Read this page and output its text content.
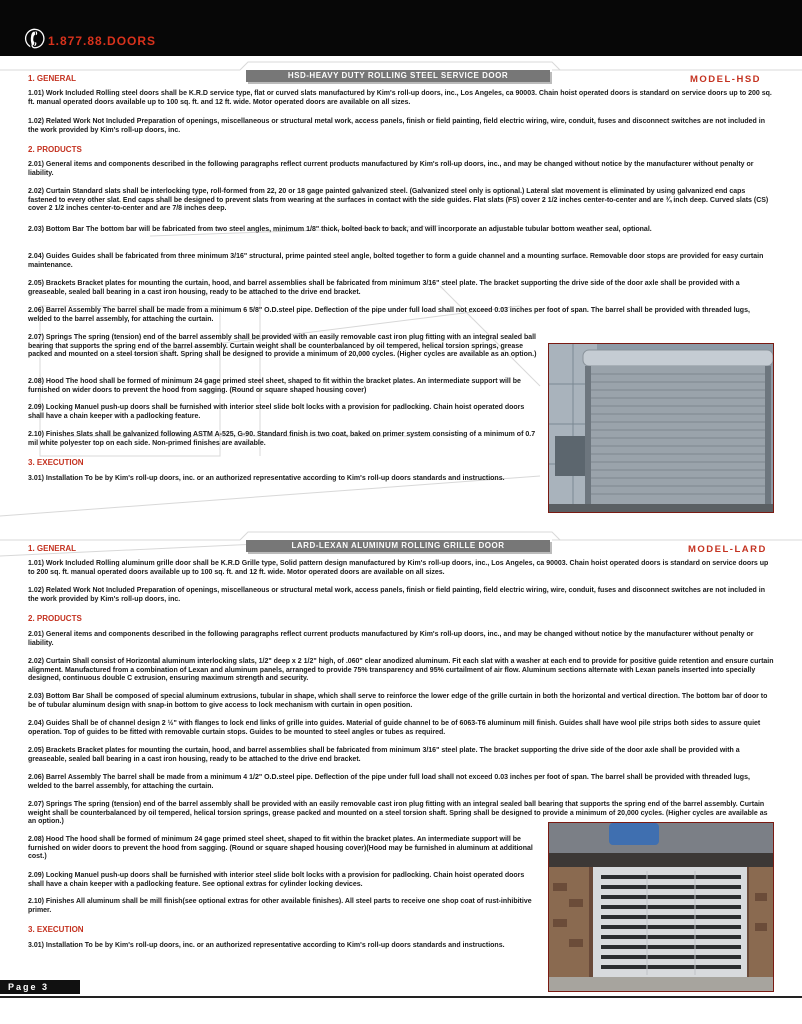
✆
1.877.88.DOORS
HSD-HEAVY DUTY ROLLING STEEL SERVICE DOOR	MODEL-HSD
1. GENERAL

1.01) Work Included Rolling steel doors shall be K.R.D service type, flat or curved slats manufactured by Kim's roll-up doors, inc., Los Angeles, ca 90003. Chain hoist operated doors is standard on service doors up to 200 sq. ft. manual operated doors available up to 100 sq. ft. and 12 ft. wide. Motor operated doors are available on all sizes.

1.02) Related Work Not Included Preparation of openings, miscellaneous or structural metal work, access panels, finish or field painting, field electric wiring, wire, conduit, fuses and disconnect switches are not included in the work provided by Kim's roll-up doors, inc.

2. PRODUCTS

2.01) General items and components described in the following paragraphs reflect current products manufactured by Kim's roll-up doors, inc., and may be changed without notice by the manufacturer without penalty or liability.

2.02) Curtain Standard slats shall be interlocking type, roll-formed from 22, 20 or 18 gage painted galvanized steel. (Galvanized steel only is optional.) Lateral slat movement is eliminated by using galvanized end caps fastened to every other slat. End caps shall be designed to prevent slats from wearing at the surfaces in contact with the side guides. Flat slats (FS) cover 2 1/2 inches center-to-center and are ¾ inch deep. Curved slats (CS) cover 2 1/2 inches center-to-center and are 7/8 inches deep.

2.03) Bottom Bar The bottom bar will be fabricated from two steel angles, minimum 1/8" thick, bolted back to back, and will incorporate an adjustable tubular bottom weather seal, optional.

2.04) Guides Guides shall be fabricated from three minimum 3/16" structural, prime painted steel angle, bolted together to form a guide channel and a mounting surface. Removable door stops are provided for easy curtain maintenance.

2.05) Brackets Bracket plates for mounting the curtain, hood, and barrel assemblies shall be fabricated from minimum 3/16" steel plate. The bracket supporting the drive side of the door axle shall be provided with a greaseable, sealed ball bearing in a cast iron housing, ready to be attached to the drive end bracket.

2.06) Barrel Assembly The barrel shall be made from a minimum 6 5/8" O.D.steel pipe. Deflection of the pipe under full load shall not exceed 0.03 inches per foot of span. The barrel shall be provided with threaded lugs, welded to the barrel assembly, for attaching the curtain.

2.07) Springs The spring (tension) end of the barrel assembly shall be provided with an easily removable cast iron plug fitting with an integral sealed ball bearing that supports the spring end of the barrel assembly. Curtain weight shall be counterbalanced by oil tempered, helical torsion springs, grease packed and mounted on a steel torsion shaft. Spring shall be designed to provide a minimum of 20,000 cycles. (Higher cycles are available as an option.)

2.08) Hood The hood shall be formed of minimum 24 gage primed steel sheet, shaped to fit within the bracket plates. An intermediate support will be furnished on wider doors to prevent the hood from sagging. (Round or square shaped housing cover)

2.09) Locking Manuel push-up doors shall be furnished with interior steel slide bolt locks with a provision for padlocking. Chain hoist operated doors shall have a chain keeper with a padlocking feature.

2.10) Finishes Slats shall be galvanized following ASTM A-525, G-90. Standard finish is two coat, baked on primer system consisting of a minimum of 0.7 mil white polyester top on each side. Non-primed finishes are available.

3. EXECUTION

3.01) Installation To be by Kim's roll-up doors, inc. or an authorized representative according to Kim's roll-up doors standards and instructions.

LARD-LEXAN ALUMINUM ROLLING GRILLE DOOR	MODEL-LARD
1. GENERAL

1.01) Work Included Rolling aluminum grille door shall be K.R.D Grille type, Solid pattern design manufactured by Kim's roll-up doors, inc., Los Angeles, ca 90003. Chain hoist operated doors is standard on service doors up to 200 sq. ft. manual operated doors available up to 100 sq. ft. and 12 ft. wide. Motor operated doors are available on all sizes.

1.02) Related Work Not Included Preparation of openings, miscellaneous or structural metal work, access panels, finish or field painting, field electric wiring, wire, conduit, fuses and disconnect switches are not included in the work provided by Kim's roll-up doors, inc.

2. PRODUCTS

2.01) General items and components described in the following paragraphs reflect current products manufactured by Kim's roll-up doors, inc., and may be changed without notice by the manufacturer without penalty or liability.

2.02) Curtain Shall consist of Horizontal aluminum interlocking slats, 1/2" deep x 2 1/2" high, of .060" clear anodized aluminum. Fit each slat with a washer at each end to provide for positive guide retention and ensure curtain alignment. Manufactured from a combination of Lexan and aluminum panels, arranged to provide 75% transparency and 95% curtailment of air flow. Aluminum sections alternate with Lexan panels inserted into specially designed, continuous double C extrusion, ensuring maximum strength and security.

2.03) Bottom Bar Shall be composed of special aluminum extrusions, tubular in shape, which shall serve to reinforce the lower edge of the grille curtain in both the horizontal and vertical direction. The bottom bar of door to be of tubular aluminum design with snap-in bottom to give access to lock mechanism with curtain in open position.

2.04) Guides Shall be of channel design 2 ½" with flanges to lock end links of grille into guides. Material of guide channel to be of 6063-T6 aluminum mill finish. Guides shall have wool pile strips both sides to assure quiet operation. Top of guides to be fitted with removable curtain stops. Guides to be mounted to steel angles or tubes as required.

2.05) Brackets Bracket plates for mounting the curtain, hood, and barrel assemblies shall be fabricated from minimum 3/16" steel plate. The bracket supporting the drive side of the door axle shall be provided with a greaseable, sealed ball bearing in a cast iron housing, ready to be attached to the drive end bracket.

2.06) Barrel Assembly The barrel shall be made from a minimum 4 1/2" O.D.steel pipe. Deflection of the pipe under full load shall not exceed 0.03 inches per foot of span. The barrel shall be provided with threaded lugs, welded to the barrel assembly, for attaching the curtain.

2.07) Springs The spring (tension) end of the barrel assembly shall be provided with an easily removable cast iron plug fitting with an integral sealed ball bearing that supports the spring end of the barrel assembly. Curtain weight shall be counterbalanced by oil tempered, helical torsion springs, grease packed and mounted on a steel torsion shaft. Spring shall be designed to provide a minimum of 20,000 cycles. (Higher cycles are available as an option.)

2.08) Hood The hood shall be formed of minimum 24 gage primed steel sheet, shaped to fit within the bracket plates. An intermediate support will be furnished on wider doors to prevent the hood from sagging. (Round or square shaped housing cover)(Hood may be furnished in aluminum at additional cost.)

2.09) Locking Manuel push-up doors shall be furnished with interior steel slide bolt locks with a provision for padlocking. Chain hoist operated doors shall have a chain keeper with a padlocking feature. See optional extras for cylinder locking devices.

2.10) Finishes All aluminum shall be mill finish(see optional extras for other available finishes). All steel parts to receive one shop coat of rust-inhibitive primer.

3. EXECUTION

3.01) Installation To be by Kim's roll-up doors, inc. or an authorized representative according to Kim's roll-up doors standards and instructions.

Page 3
